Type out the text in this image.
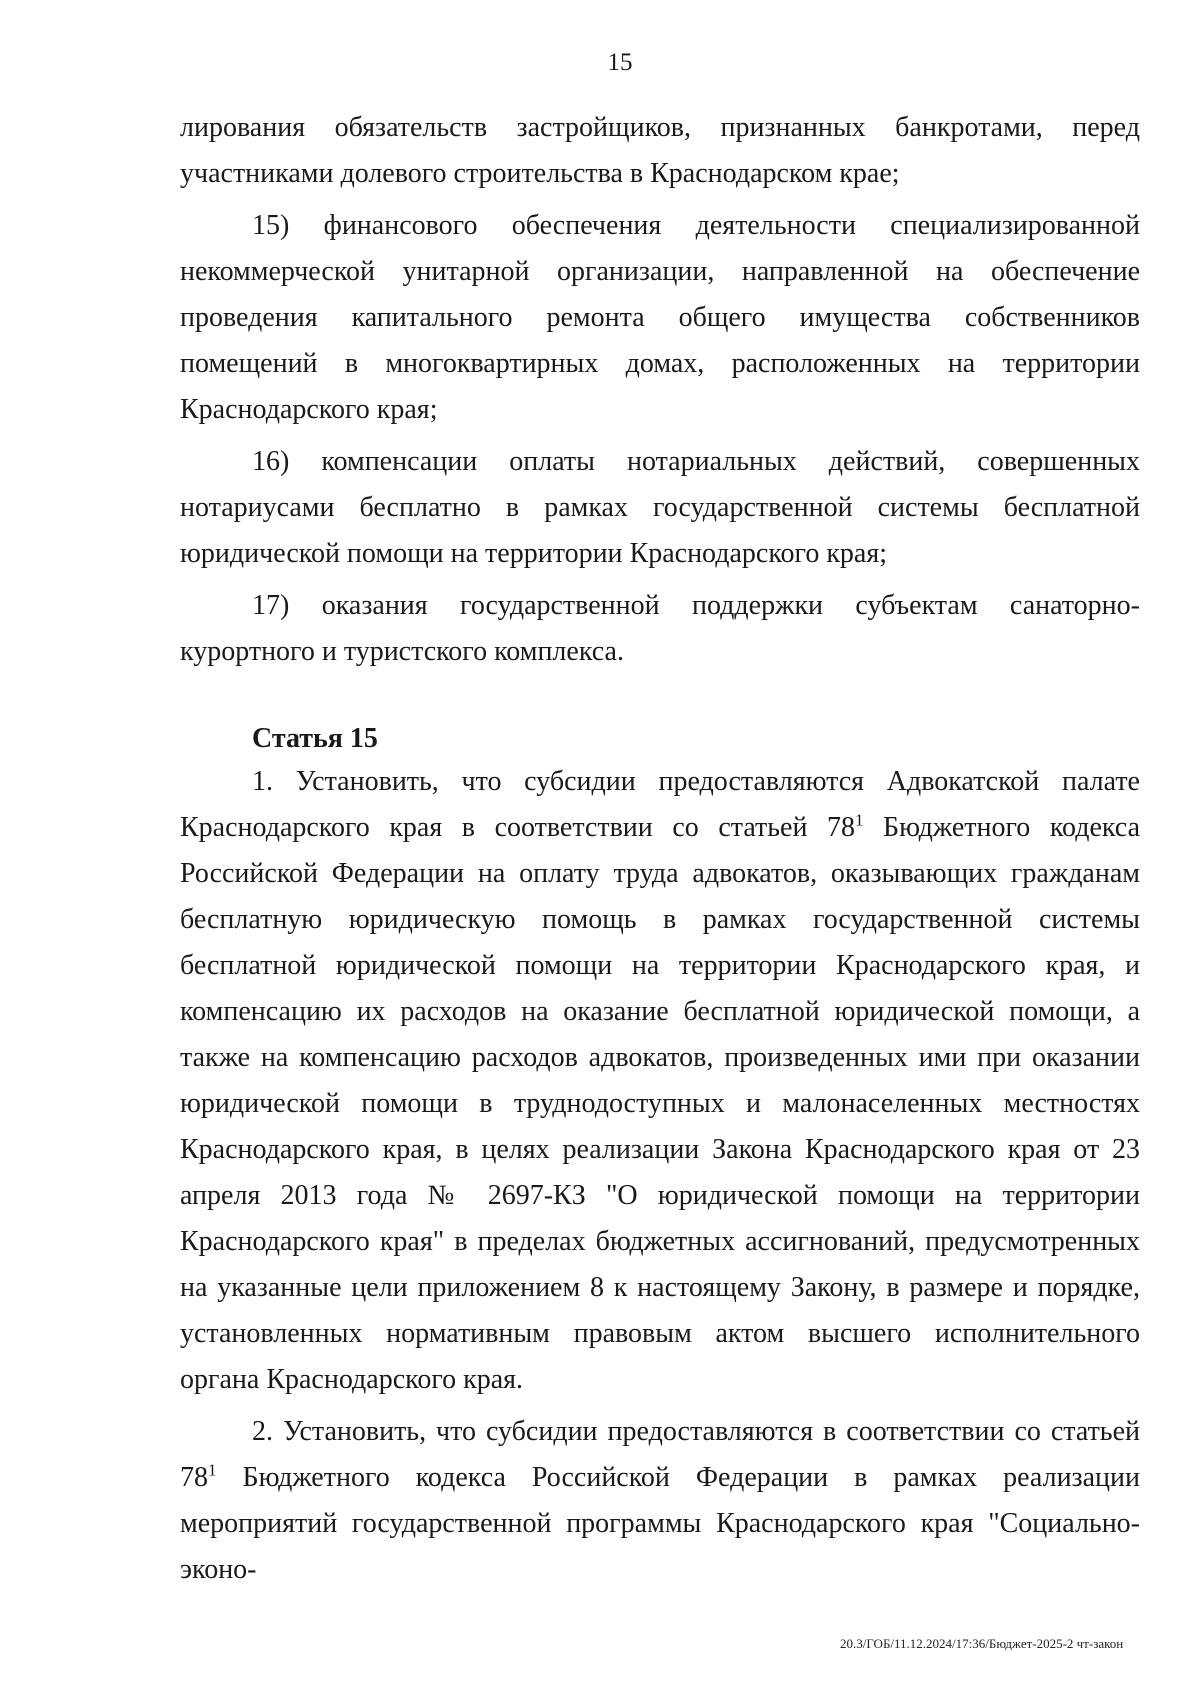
15

лирования обязательств застройщиков, признанных банкротами, перед участниками долевого строительства в Краснодарском крае;

15) финансового обеспечения деятельности специализированной некоммерческой унитарной организации, направленной на обеспечение проведения капитального ремонта общего имущества собственников помещений в многоквартирных домах, расположенных на территории Краснодарского края;

16) компенсации оплаты нотариальных действий, совершенных нотариусами бесплатно в рамках государственной системы бесплатной юридической помощи на территории Краснодарского края;

17) оказания государственной поддержки субъектам санаторно-курортного и туристского комплекса.

Статья 15

1. Установить, что субсидии предоставляются Адвокатской палате Краснодарского края в соответствии со статьей $78^1$ Бюджетного кодекса Российской Федерации на оплату труда адвокатов, оказывающих гражданам бесплатную юридическую помощь в рамках государственной системы бесплатной юридической помощи на территории Краснодарского края, и компенсацию их расходов на оказание бесплатной юридической помощи, а также на компенсацию расходов адвокатов, произведенных ими при оказании юридической помощи в труднодоступных и малонаселенных местностях Краснодарского края, в целях реализации Закона Краснодарского края от 23 апреля 2013 года № 2697-КЗ "О юридической помощи на территории Краснодарского края" в пределах бюджетных ассигнований, предусмотренных на указанные цели приложением 8 к настоящему Закону, в размере и порядке, установленных нормативным правовым актом высшего исполнительного органа Краснодарского края.

2. Установить, что субсидии предоставляются в соответствии со статьей $78^1$ Бюджетного кодекса Российской Федерации в рамках реализации мероприятий государственной программы Краснодарского края "Социально-эконо-

20.3/ГОБ/11.12.2024/17:36/Бюджет-2025-2 чт-закон
